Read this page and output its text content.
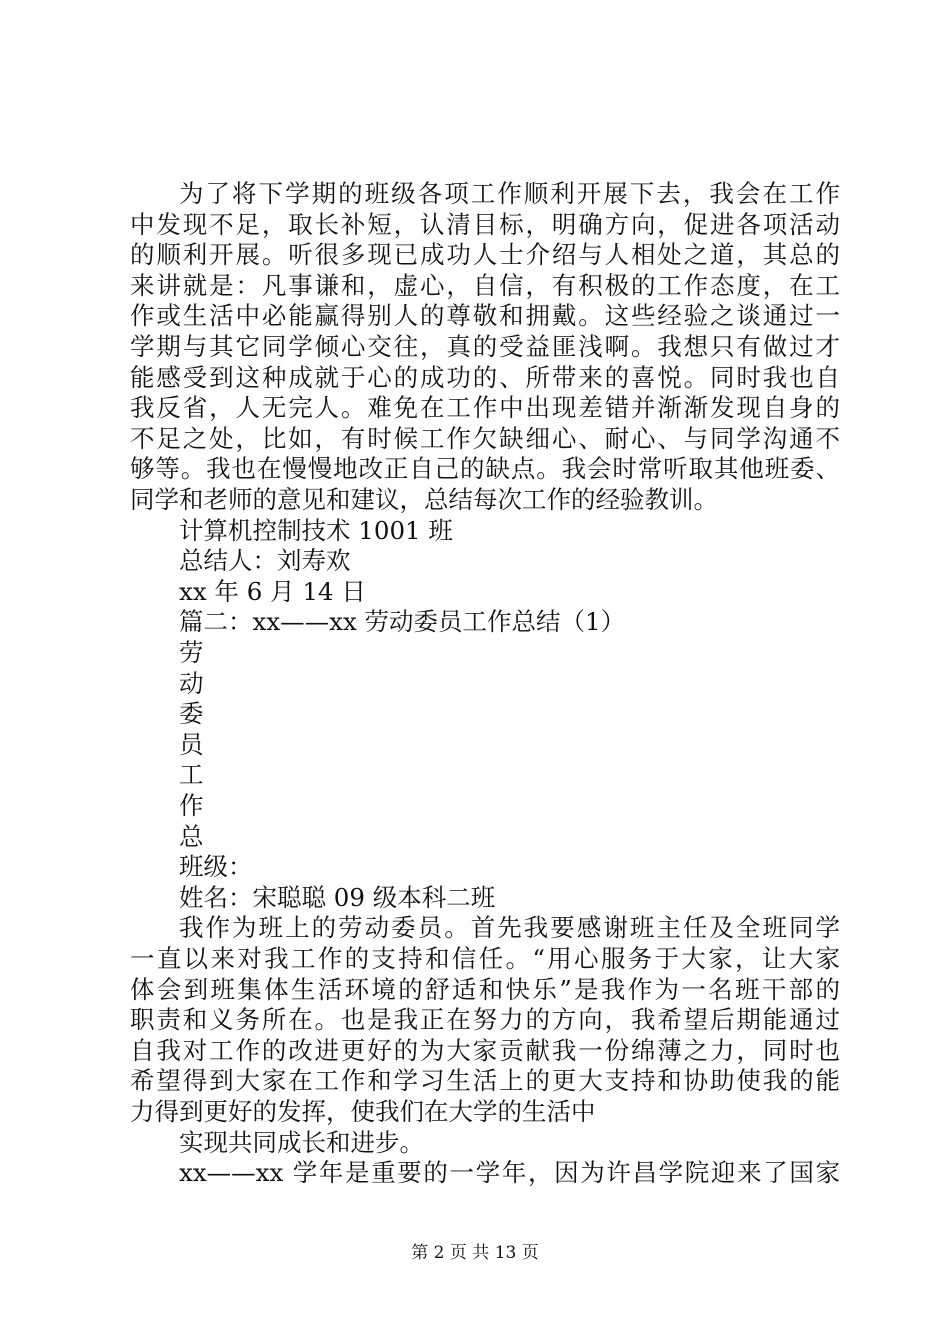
为了将下学期的班级各项工作顺利开展下去，我会在工作
中发现不足，取长补短，认清目标，明确方向，促进各项活动
的顺利开展。听很多现已成功人士介绍与人相处之道，其总的
来讲就是：凡事谦和，虚心，自信，有积极的工作态度，在工
作或生活中必能赢得别人的尊敬和拥戴。这些经验之谈通过一
学期与其它同学倾心交往，真的受益匪浅啊。我想只有做过才
能感受到这种成就于心的成功的、所带来的喜悦。同时我也自
我反省，人无完人。难免在工作中出现差错并渐渐发现自身的
不足之处，比如，有时候工作欠缺细心、耐心、与同学沟通不
够等。我也在慢慢地改正自己的缺点。我会时常听取其他班委、
同学和老师的意见和建议，总结每次工作的经验教训。
计算机控制技术 1001 班
总结人：刘寿欢
xx 年 6 月 14 日
篇二：xx——xx 劳动委员工作总结（1）
劳
动
委
员
工
作
总
班级：
姓名：宋聪聪 09 级本科二班
我作为班上的劳动委员。首先我要感谢班主任及全班同学
一直以来对我工作的支持和信任。“用心服务于大家，让大家
体会到班集体生活环境的舒适和快乐”是我作为一名班干部的
职责和义务所在。也是我正在努力的方向，我希望后期能通过
自我对工作的改进更好的为大家贡献我一份绵薄之力，同时也
希望得到大家在工作和学习生活上的更大支持和协助使我的能
力得到更好的发挥，使我们在大学的生活中
实现共同成长和进步。
xx——xx 学年是重要的一学年，因为许昌学院迎来了国家
第 2 页 共 13 页
